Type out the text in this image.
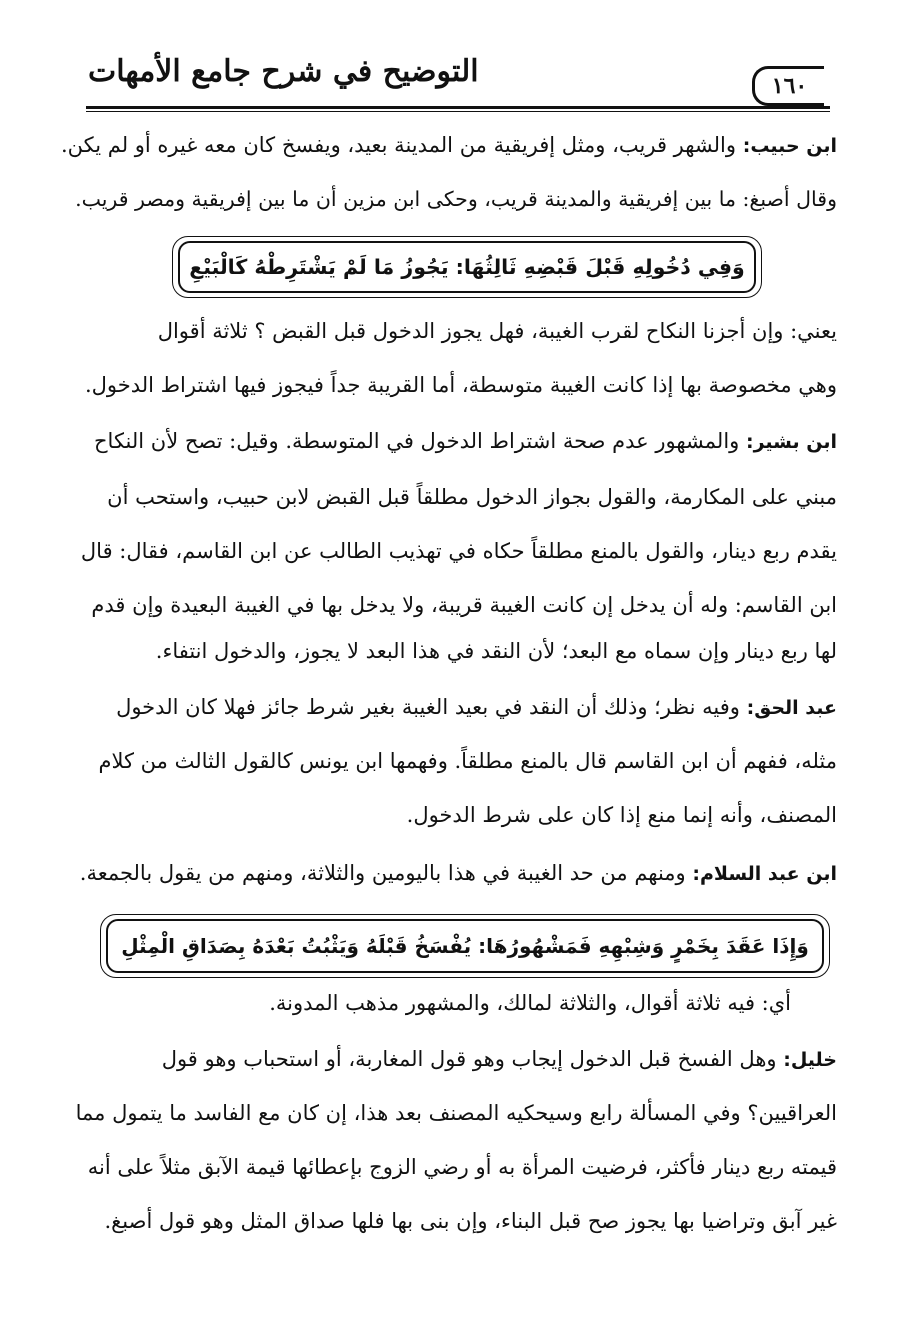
التوضيح في شرح جامع الأمهات	١٦٠
ابن حبيب: والشهر قريب، ومثل إفريقية من المدينة بعيد، ويفسخ كان معه غيره أو لم يكن.
وقال أصبغ: ما بين إفريقية والمدينة قريب، وحكى ابن مزين أن ما بين إفريقية ومصر قريب.
وَفِي دُخُولِهِ قَبْلَ قَبْضِهِ ثَالِثُهَا: يَجُوزُ مَا لَمْ يَشْتَرِطْهُ كَالْبَيْعِ
يعني: وإن أجزنا النكاح لقرب الغيبة، فهل يجوز الدخول قبل القبض ؟ ثلاثة أقوال
وهي مخصوصة بها إذا كانت الغيبة متوسطة، أما القريبة جداً فيجوز فيها اشتراط الدخول.
ابن بشير: والمشهور عدم صحة اشتراط الدخول في المتوسطة. وقيل: تصح لأن النكاح
مبني على المكارمة، والقول بجواز الدخول مطلقاً قبل القبض لابن حبيب، واستحب أن
يقدم ربع دينار، والقول بالمنع مطلقاً حكاه في تهذيب الطالب عن ابن القاسم، فقال: قال
ابن القاسم: وله أن يدخل إن كانت الغيبة قريبة، ولا يدخل بها في الغيبة البعيدة وإن قدم
لها ربع دينار وإن سماه مع البعد؛ لأن النقد في هذا البعد لا يجوز، والدخول انتفاء.
عبد الحق: وفيه نظر؛ وذلك أن النقد في بعيد الغيبة بغير شرط جائز فهلا كان الدخول
مثله، ففهم أن ابن القاسم قال بالمنع مطلقاً. وفهمها ابن يونس كالقول الثالث من كلام
المصنف، وأنه إنما منع إذا كان على شرط الدخول.
ابن عبد السلام: ومنهم من حد الغيبة في هذا باليومين والثلاثة، ومنهم من يقول بالجمعة.
وَإِذَا عَقَدَ بِخَمْرٍ وَشِبْهِهِ فَمَشْهُورُهَا: يُفْسَخُ قَبْلَهُ وَيَثْبُتُ بَعْدَهُ بِصَدَاقِ الْمِثْلِ
أي: فيه ثلاثة أقوال، والثلاثة لمالك، والمشهور مذهب المدونة.
خليل: وهل الفسخ قبل الدخول إيجاب وهو قول المغاربة، أو استحباب وهو قول
العراقيين؟ وفي المسألة رابع وسيحكيه المصنف بعد هذا، إن كان مع الفاسد ما يتمول مما
قيمته ربع دينار فأكثر، فرضيت المرأة به أو رضي الزوج بإعطائها قيمة الآبق مثلاً على أنه
غير آبق وتراضيا بها يجوز صح قبل البناء، وإن بنى بها فلها صداق المثل وهو قول أصبغ.
